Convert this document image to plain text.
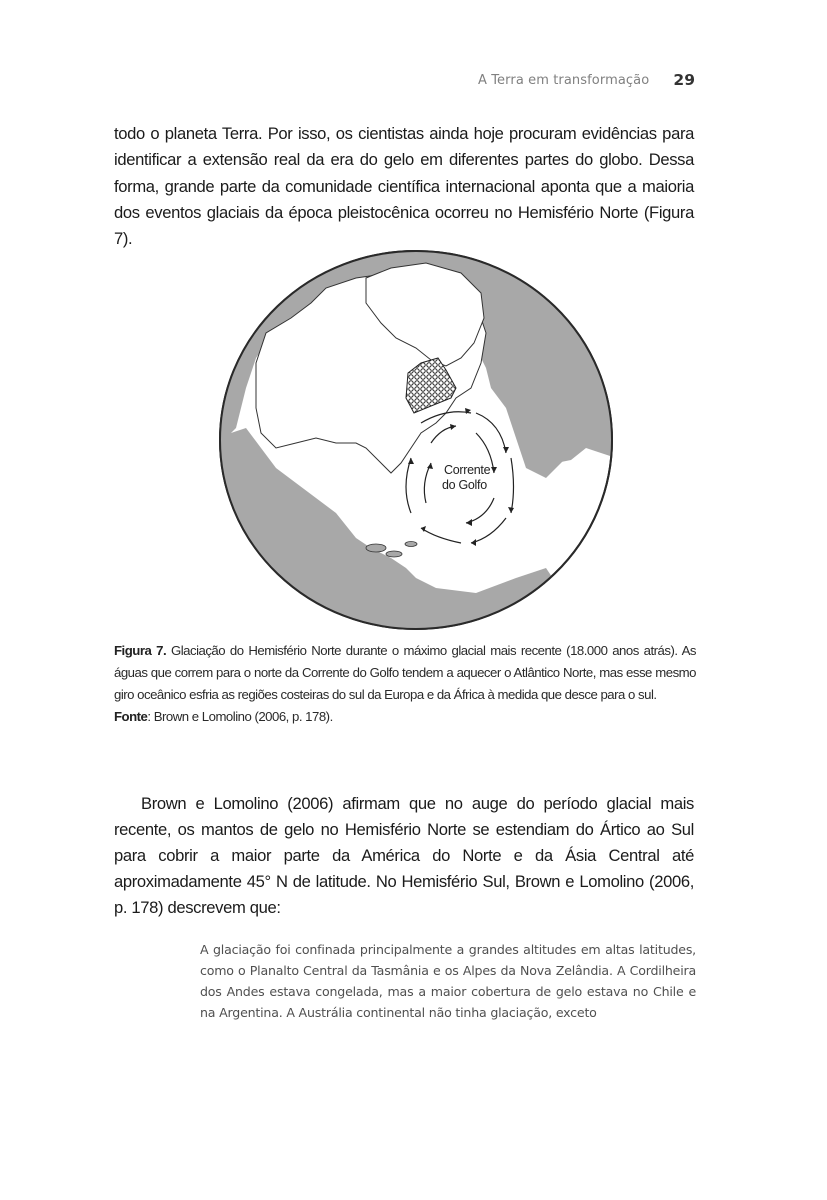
A Terra em transformação 29

todo o planeta Terra. Por isso, os cientistas ainda hoje procuram evidências para identificar a extensão real da era do gelo em diferentes partes do globo. Dessa forma, grande parte da comunidade científica internacional aponta que a maioria dos eventos glaciais da época pleistocênica ocorreu no Hemisfério Norte (Figura 7).

Corrente
do Golfo
Figura 7. Glaciação do Hemisfério Norte durante o máximo glacial mais recente (18.000 anos atrás). As águas que correm para o norte da Corrente do Golfo tendem a aquecer o Atlântico Norte, mas esse mesmo giro oceânico esfria as regiões costeiras do sul da Europa e da África à medida que desce para o sul.
Fonte: Brown e Lomolino (2006, p. 178).

Brown e Lomolino (2006) afirmam que no auge do período glacial mais recente, os mantos de gelo no Hemisfério Norte se estendiam do Ártico ao Sul para cobrir a maior parte da América do Norte e da Ásia Central até aproximadamente 45° N de latitude. No Hemisfério Sul, Brown e Lomolino (2006, p. 178) descrevem que:

A glaciação foi confinada principalmente a grandes altitudes em altas latitudes, como o Planalto Central da Tasmânia e os Alpes da Nova Zelândia. A Cordilheira dos Andes estava congelada, mas a maior cobertura de gelo estava no Chile e na Argentina. A Austrália continental não tinha glaciação, exceto
